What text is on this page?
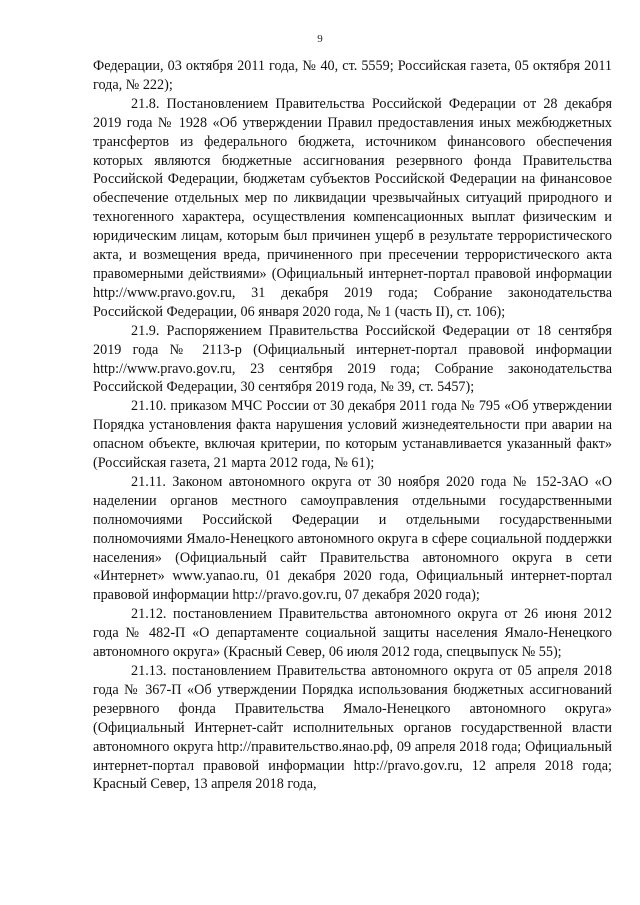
9

Федерации, 03 октября 2011 года, № 40, ст. 5559; Российская газета, 05 октября 2011 года, № 222);

21.8. Постановлением Правительства Российской Федерации от 28 декабря 2019 года № 1928 «Об утверждении Правил предоставления иных межбюджетных трансфертов из федерального бюджета, источником финансового обеспечения которых являются бюджетные ассигнования резервного фонда Правительства Российской Федерации, бюджетам субъектов Российской Федерации на финансовое обеспечение отдельных мер по ликвидации чрезвычайных ситуаций природного и техногенного характера, осуществления компенсационных выплат физическим и юридическим лицам, которым был причинен ущерб в результате террористического акта, и возмещения вреда, причиненного при пресечении террористического акта правомерными действиями» (Официальный интернет-портал правовой информации http://www.pravo.gov.ru, 31 декабря 2019 года; Собрание законодательства Российской Федерации, 06 января 2020 года, № 1 (часть II), ст. 106);

21.9. Распоряжением Правительства Российской Федерации от 18 сентября 2019 года № 2113-р (Официальный интернет-портал правовой информации http://www.pravo.gov.ru, 23 сентября 2019 года; Собрание законодательства Российской Федерации, 30 сентября 2019 года, № 39, ст. 5457);

21.10. приказом МЧС России от 30 декабря 2011 года № 795 «Об утверждении Порядка установления факта нарушения условий жизнедеятельности при аварии на опасном объекте, включая критерии, по которым устанавливается указанный факт» (Российская газета, 21 марта 2012 года, № 61);

21.11. Законом автономного округа от 30 ноября 2020 года № 152-ЗАО «О наделении органов местного самоуправления отдельными государственными полномочиями Российской Федерации и отдельными государственными полномочиями Ямало-Ненецкого автономного округа в сфере социальной поддержки населения» (Официальный сайт Правительства автономного округа в сети «Интернет» www.yanao.ru, 01 декабря 2020 года, Официальный интернет-портал правовой информации http://pravo.gov.ru, 07 декабря 2020 года);

21.12. постановлением Правительства автономного округа от 26 июня 2012 года № 482-П «О департаменте социальной защиты населения Ямало-Ненецкого автономного округа» (Красный Север, 06 июля 2012 года, спецвыпуск № 55);

21.13. постановлением Правительства автономного округа от 05 апреля 2018 года № 367-П «Об утверждении Порядка использования бюджетных ассигнований резервного фонда Правительства Ямало-Ненецкого автономного округа» (Официальный Интернет-сайт исполнительных органов государственной власти автономного округа http://правительство.янао.рф, 09 апреля 2018 года; Официальный интернет-портал правовой информации http://pravo.gov.ru, 12 апреля 2018 года; Красный Север, 13 апреля 2018 года,
